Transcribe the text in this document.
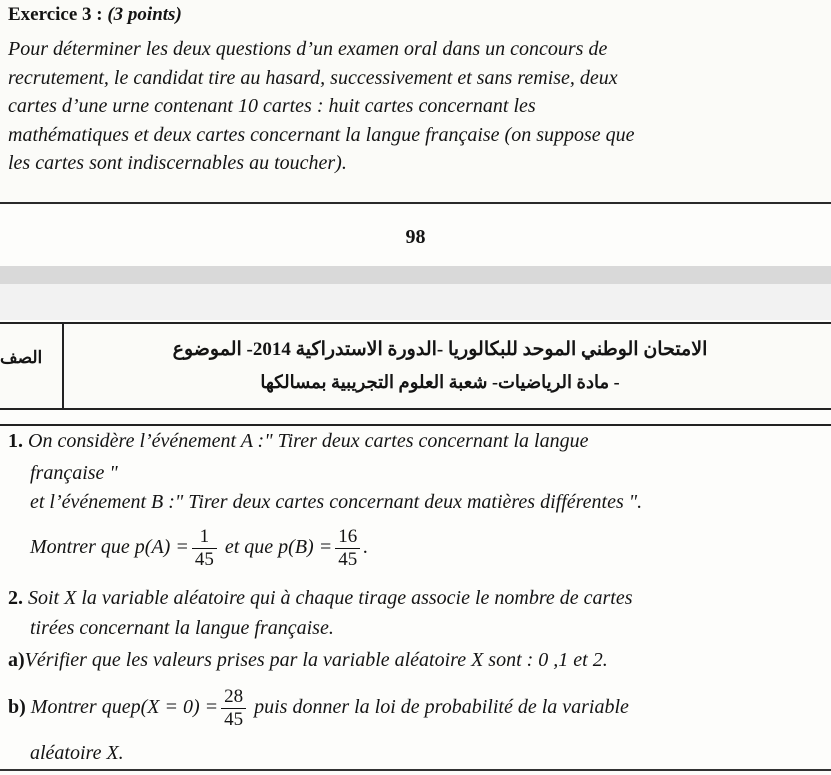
Exercice 3 : (3 points)
Pour déterminer les deux questions d’un examen oral dans un concours de
recrutement, le candidat tire au hasard, successivement et sans remise, deux
cartes d’une urne contenant 10 cartes : huit cartes concernant les
mathématiques et deux cartes concernant la langue française (on suppose que
les cartes sont indiscernables au toucher).
98
الصف	الامتحان الوطني الموحد للبكالوريا -الدورة الاستدراكية 2014- الموضوع
- مادة الرياضيات- شعبة العلوم التجريبية بمسالكها
1. On considère l’événement A :" Tirer deux cartes concernant la langue
française "
et l’événement B :" Tirer deux cartes concernant deux matières différentes ".
Montrer que $p(A) = \frac{1}{45}$ et que $p(B) = \frac{16}{45}$ .
2. Soit X la variable aléatoire qui à chaque tirage associe le nombre de cartes
tirées concernant la langue française.
a)Vérifier que les valeurs prises par la variable aléatoire X sont : 0 ,1 et 2.
b) Montrer quep(X = $0) = \frac{28}{45}$ puis donner la loi de probabilité de la variable
aléatoire X.
